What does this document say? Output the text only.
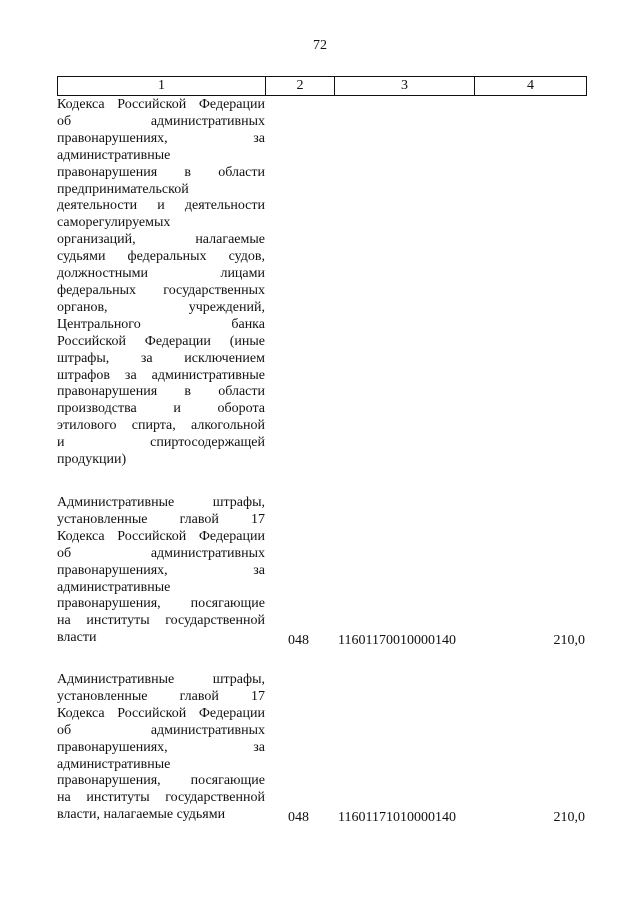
72
1	2	3	4
Кодекса Российской Федерации
об административных
правонарушениях, за
административные
правонарушения в области
предпринимательской
деятельности и деятельности
саморегулируемых
организаций, налагаемые
судьями федеральных судов,
должностными лицами
федеральных государственных
органов, учреждений,
Центрального банка
Российской Федерации (иные
штрафы, за исключением
штрафов за административные
правонарушения в области
производства и оборота
этилового спирта, алкогольной
и спиртосодержащей
продукции)
Административные штрафы,
установленные главой 17
Кодекса Российской Федерации
об административных
правонарушениях, за
административные
правонарушения, посягающие
на институты государственной
власти	048 11601170010000140	210,0
Административные штрафы,
установленные главой 17
Кодекса Российской Федерации
об административных
правонарушениях, за
административные
правонарушения, посягающие
на институты государственной
власти, налагаемые судьями	048 11601171010000140	210,0
